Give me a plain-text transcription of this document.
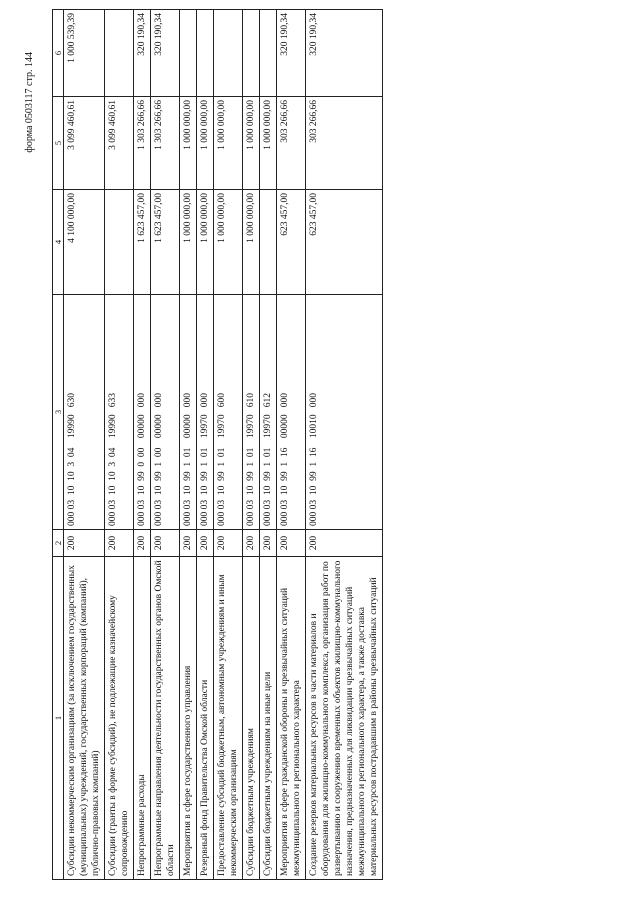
форма 0503117 стр. 144
1	2	3	4	5	6
Субсидии некоммерческим организациям (за исключением государственных (муниципальных) учреждений, государственных корпораций (компаний), публично-правовых компаний)	200	000 03  10  10  3  04    19990   630	4 100 000,00	3 099 460,61	1 000 539,39
Субсидии (гранты в форме субсидий), не подлежащие казначейскому сопровождению	200	000 03  10  10  3  04    19990   633		3 099 460,61	
Непрограммные расходы	200	000 03  10  99  0  00    00000   000	1 623 457,00	1 303 266,66	320 190,34
Непрограммные направления деятельности государственных органов Омской области	200	000 03  10  99  1  00    00000   000	1 623 457,00	1 303 266,66	320 190,34
Мероприятия в сфере государственного управления	200	000 03  10  99  1  01    00000   000	1 000 000,00	1 000 000,00	
Резервный фонд Правительства Омской области	200	000 03  10  99  1  01    19970   000	1 000 000,00	1 000 000,00	
Предоставление субсидий бюджетным, автономным учреждениям и иным некоммерческим организациям	200	000 03  10  99  1  01    19970   600	1 000 000,00	1 000 000,00	
Субсидии бюджетным учреждениям	200	000 03  10  99  1  01    19970   610	1 000 000,00	1 000 000,00	
Субсидии бюджетным учреждениям на иные цели	200	000 03  10  99  1  01    19970   612		1 000 000,00	
Мероприятия в сфере гражданской обороны и чрезвычайных ситуаций межмуниципального и регионального характера	200	000 03  10  99  1  16    00000   000	623 457,00	303 266,66	320 190,34
Создание резервов материальных ресурсов в части материалов и оборудования для жилищно-коммунального комплекса, организация работ по развертыванию и сооружению временных объектов жилищно-коммунального назначения, предназначенных для ликвидации чрезвычайных ситуаций межмуниципального и регионального характера, а также доставка материальных ресурсов пострадавшим в районы чрезвычайных ситуаций	200	000 03  10  99  1  16    10010   000	623 457,00	303 266,66	320 190,34
